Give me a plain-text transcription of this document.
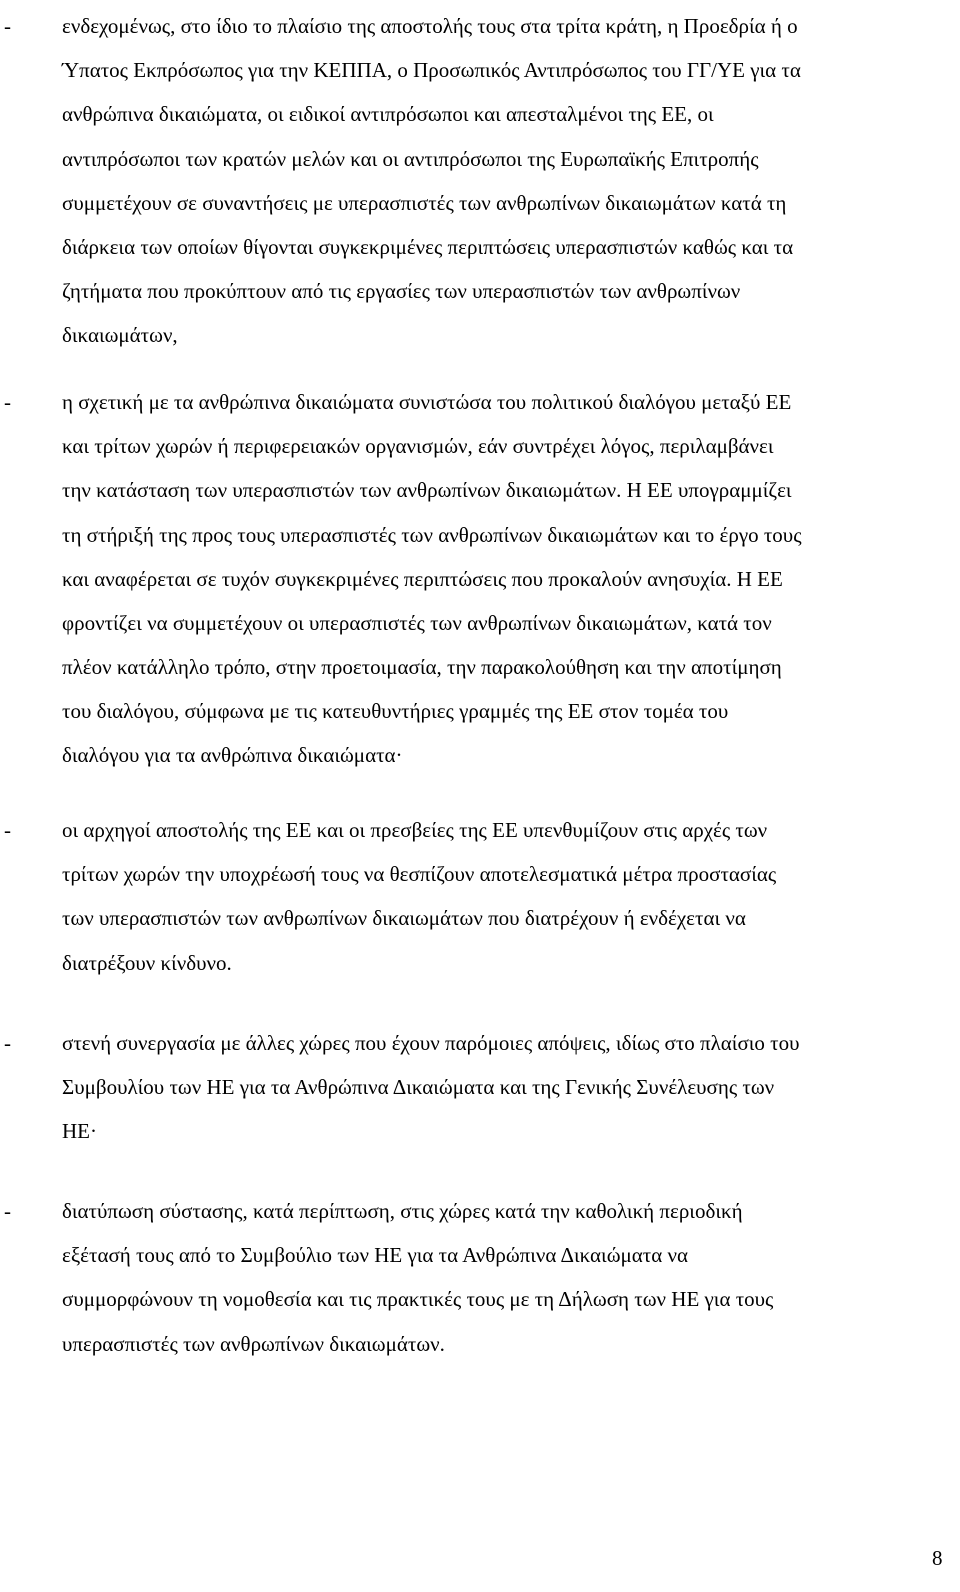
- ενδεχομένως, στο ίδιο το πλαίσιο της αποστολής τους στα τρίτα κράτη, η Προεδρία ή ο
Ύπατος Εκπρόσωπος για την ΚΕΠΠΑ, ο Προσωπικός Αντιπρόσωπος του ΓΓ/ΥΕ για τα
ανθρώπινα δικαιώματα, οι ειδικοί αντιπρόσωποι και απεσταλμένοι της ΕΕ, οι
αντιπρόσωποι των κρατών μελών και οι αντιπρόσωποι της Ευρωπαϊκής Επιτροπής
συμμετέχουν σε συναντήσεις με υπερασπιστές των ανθρωπίνων δικαιωμάτων κατά τη
διάρκεια των οποίων θίγονται συγκεκριμένες περιπτώσεις υπερασπιστών καθώς και τα
ζητήματα που προκύπτουν από τις εργασίες των υπερασπιστών των ανθρωπίνων
δικαιωμάτων,
- η σχετική με τα ανθρώπινα δικαιώματα συνιστώσα του πολιτικού διαλόγου μεταξύ ΕΕ
και τρίτων χωρών ή περιφερειακών οργανισμών, εάν συντρέχει λόγος, περιλαμβάνει
την κατάσταση των υπερασπιστών των ανθρωπίνων δικαιωμάτων. Η ΕΕ υπογραμμίζει
τη στήριξή της προς τους υπερασπιστές των ανθρωπίνων δικαιωμάτων και το έργο τους
και αναφέρεται σε τυχόν συγκεκριμένες περιπτώσεις που προκαλούν ανησυχία. Η ΕΕ
φροντίζει να συμμετέχουν οι υπερασπιστές των ανθρωπίνων δικαιωμάτων, κατά τον
πλέον κατάλληλο τρόπο, στην προετοιμασία, την παρακολούθηση και την αποτίμηση
του διαλόγου, σύμφωνα με τις κατευθυντήριες γραμμές της ΕΕ στον τομέα του
διαλόγου για τα ανθρώπινα δικαιώματα·
- οι αρχηγοί αποστολής της ΕΕ και οι πρεσβείες της ΕΕ υπενθυμίζουν στις αρχές των
τρίτων χωρών την υποχρέωσή τους να θεσπίζουν αποτελεσματικά μέτρα προστασίας
των υπερασπιστών των ανθρωπίνων δικαιωμάτων που διατρέχουν ή ενδέχεται να
διατρέξουν κίνδυνο.
- στενή συνεργασία με άλλες χώρες που έχουν παρόμοιες απόψεις, ιδίως στο πλαίσιο του
Συμβουλίου των ΗΕ για τα Ανθρώπινα Δικαιώματα και της Γενικής Συνέλευσης των
ΗΕ·
- διατύπωση σύστασης, κατά περίπτωση, στις χώρες κατά την καθολική περιοδική
εξέτασή τους από το Συμβούλιο των ΗΕ για τα Ανθρώπινα Δικαιώματα να
συμμορφώνουν τη νομοθεσία και τις πρακτικές τους με τη Δήλωση των ΗΕ για τους
υπερασπιστές των ανθρωπίνων δικαιωμάτων.
8
